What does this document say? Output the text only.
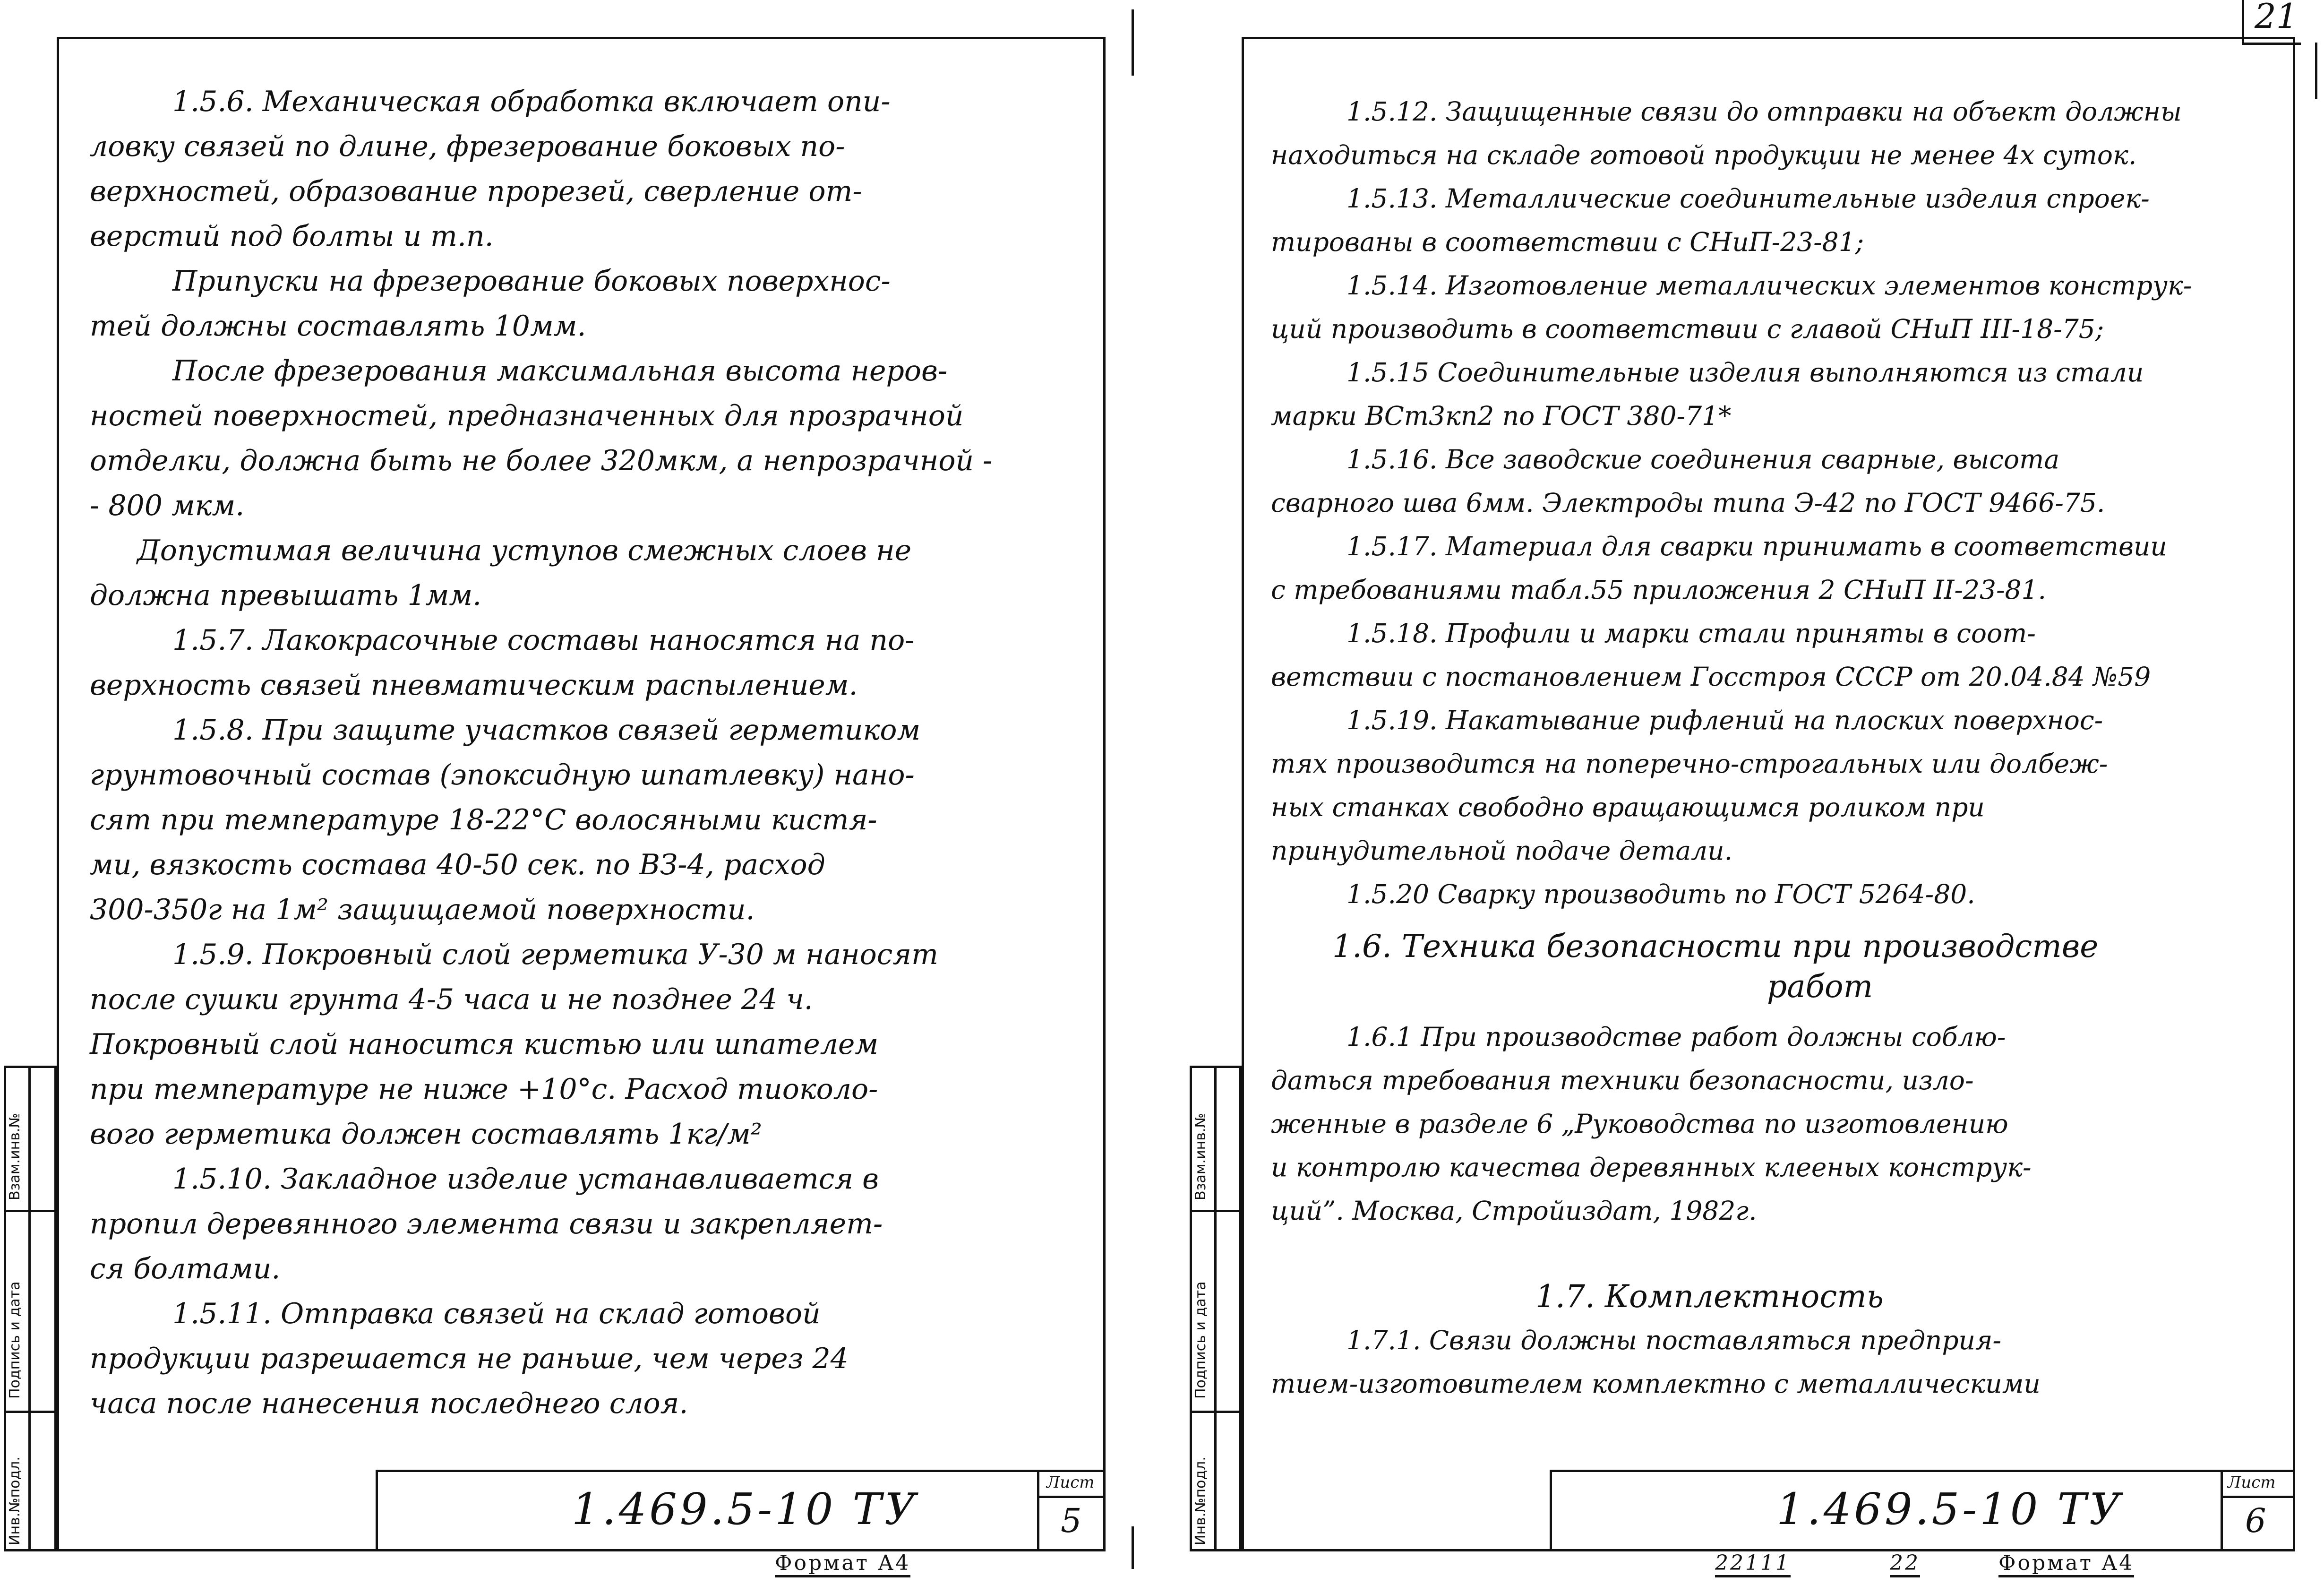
21

1.5.6. Механическая обработка включает опи-

ловку связей по длине, фрезерование боковых по-

верхностей, образование прорезей, сверление от-

верстий под болты и т.п.

Припуски на фрезерование боковых поверхнос-

тей должны составлять 10мм.

После фрезерования максимальная высота неров-

ностей поверхностей, предназначенных для прозрачной

отделки, должна быть не более 320мкм, а непрозрачной -

- 800 мкм.

Допустимая величина уступов смежных слоев не

должна превышать 1мм.

1.5.7. Лакокрасочные составы наносятся на по-

верхность связей пневматическим распылением.

1.5.8. При защите участков связей герметиком

грунтовочный состав (эпоксидную шпатлевку) нано-

сят при температуре 18-22°С волосяными кистя-

ми, вязкость состава 40-50 сек. по ВЗ-4, расход

300-350г на 1м² защищаемой поверхности.

1.5.9. Покровный слой герметика У-30 м наносят

после сушки грунта 4-5 часа и не позднее 24 ч.

Покровный слой наносится кистью или шпателем

при температуре не ниже +10°с. Расход тиоколо-

вого герметика должен составлять 1кг/м²

1.5.10. Закладное изделие устанавливается в

пропил деревянного элемента связи и закрепляет-

ся болтами.

1.5.11. Отправка связей на склад готовой

продукции разрешается не раньше, чем через 24

часа после нанесения последнего слоя.

1.469.5-10 ТУ
Лист
5
Формат А4
Инв.№подл.
Подпись и дата
Взам.инв.№

1.5.12. Защищенные связи до отправки на объект должны

находиться на складе готовой продукции не менее 4х суток.

1.5.13. Металлические соединительные изделия спроек-

тированы в соответствии с СНиП-23-81;

1.5.14. Изготовление металлических элементов конструк-

ций производить в соответствии с главой СНиП III-18-75;

1.5.15 Соединительные изделия выполняются из стали

марки ВСт3кп2 по ГОСТ 380-71*

1.5.16. Все заводские соединения сварные, высота

сварного шва 6мм. Электроды типа Э-42 по ГОСТ 9466-75.

1.5.17. Материал для сварки принимать в соответствии

с требованиями табл.55 приложения 2 СНиП II-23-81.

1.5.18. Профили и марки стали приняты в соот-

ветствии с постановлением Госстроя СССР от 20.04.84 №59

1.5.19. Накатывание рифлений на плоских поверхнос-

тях производится на поперечно-строгальных или долбеж-

ных станках свободно вращающимся роликом при

принудительной подаче детали.

1.5.20 Сварку производить по ГОСТ 5264-80.

1.6. Техника безопасности при производстве

работ

1.6.1 При производстве работ должны соблю-

даться требования техники безопасности, изло-

женные в разделе 6 „Руководства по изготовлению

и контролю качества деревянных клееных конструк-

ций”. Москва, Стройиздат, 1982г.

1.7. Комплектность

1.7.1. Связи должны поставляться предприя-

тием-изготовителем комплектно с металлическими

1.469.5-10 ТУ
Лист
6
22111	22	Формат А4
Инв.№подл.
Подпись и дата
Взам.инв.№
